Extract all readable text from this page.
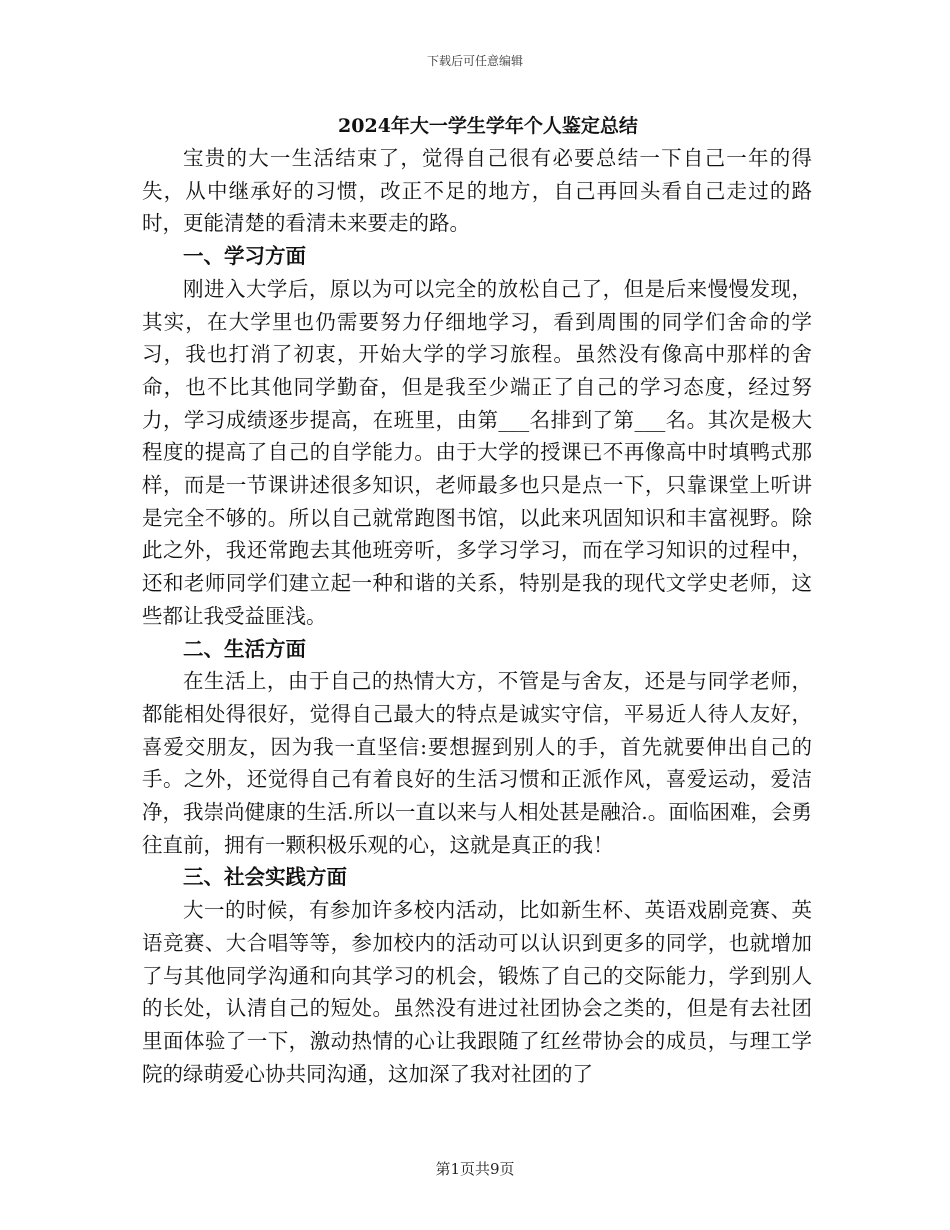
下载后可任意编辑
2024年大一学生学年个人鉴定总结

宝贵的大一生活结束了，觉得自己很有必要总结一下自己一年的得失，从中继承好的习惯，改正不足的地方，自己再回头看自己走过的路时，更能清楚的看清未来要走的路。

一、学习方面

刚进入大学后，原以为可以完全的放松自己了，但是后来慢慢发现，其实，在大学里也仍需要努力仔细地学习，看到周围的同学们舍命的学习，我也打消了初衷，开始大学的学习旅程。虽然没有像高中那样的舍命，也不比其他同学勤奋，但是我至少端正了自己的学习态度，经过努力，学习成绩逐步提高，在班里，由第___名排到了第___名。其次是极大程度的提高了自己的自学能力。由于大学的授课已不再像高中时填鸭式那样，而是一节课讲述很多知识，老师最多也只是点一下，只靠课堂上听讲是完全不够的。所以自己就常跑图书馆，以此来巩固知识和丰富视野。除此之外，我还常跑去其他班旁听，多学习学习，而在学习知识的过程中，还和老师同学们建立起一种和谐的关系，特别是我的现代文学史老师，这些都让我受益匪浅。

二、生活方面

在生活上，由于自己的热情大方，不管是与舍友，还是与同学老师，都能相处得很好，觉得自己最大的特点是诚实守信，平易近人待人友好，喜爱交朋友，因为我一直坚信:要想握到别人的手，首先就要伸出自己的手。之外，还觉得自己有着良好的生活习惯和正派作风，喜爱运动，爱洁净，我崇尚健康的生活.所以一直以来与人相处甚是融洽.。面临困难，会勇往直前，拥有一颗积极乐观的心，这就是真正的我！

三、社会实践方面

大一的时候，有参加许多校内活动，比如新生杯、英语戏剧竞赛、英语竞赛、大合唱等等，参加校内的活动可以认识到更多的同学，也就增加了与其他同学沟通和向其学习的机会，锻炼了自己的交际能力，学到别人的长处，认清自己的短处。虽然没有进过社团协会之类的，但是有去社团里面体验了一下，激动热情的心让我跟随了红丝带协会的成员，与理工学院的绿萌爱心协共同沟通，这加深了我对社团的了

第1页共9页
